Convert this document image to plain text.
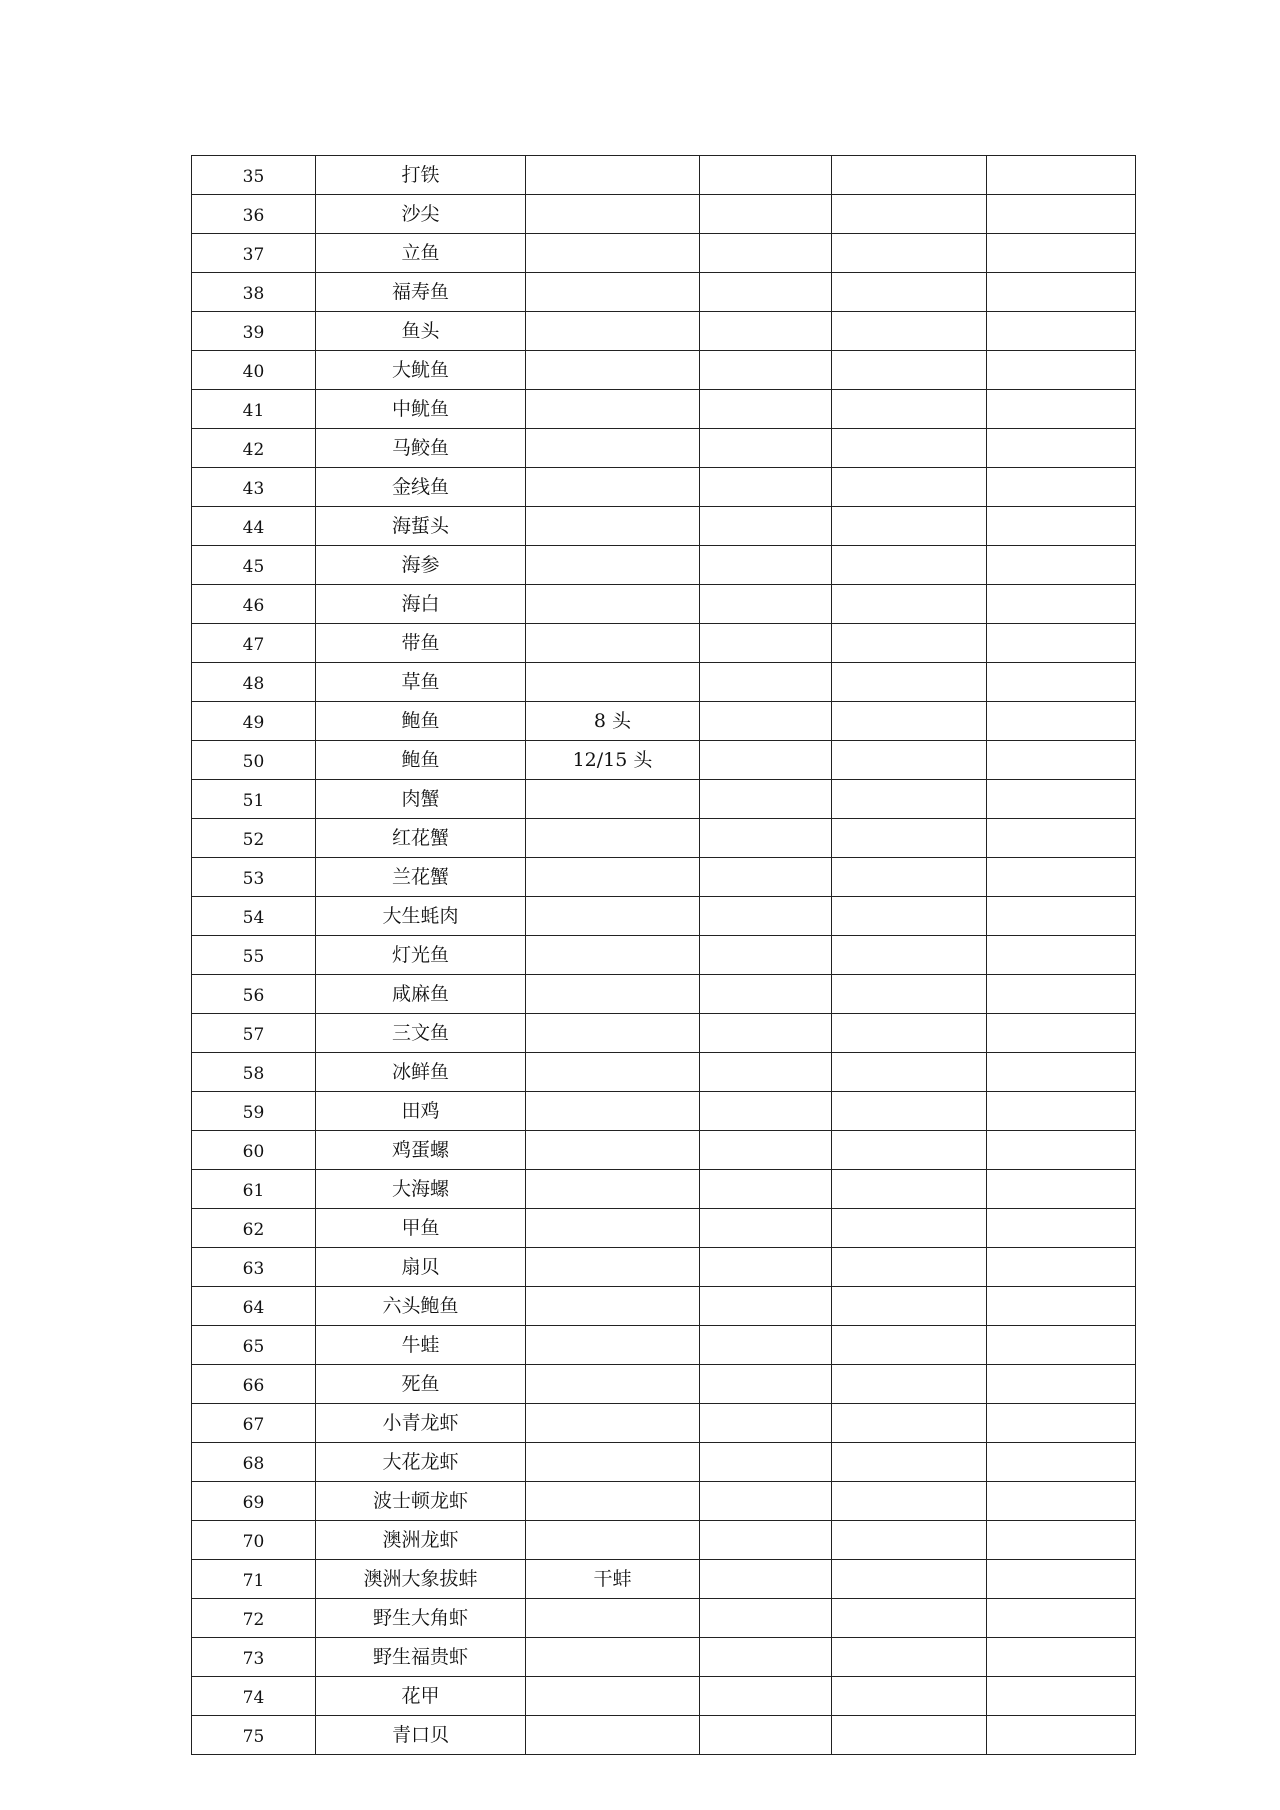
35	打铁				
36	沙尖				
37	立鱼				
38	福寿鱼				
39	鱼头				
40	大鱿鱼				
41	中鱿鱼				
42	马鲛鱼				
43	金线鱼				
44	海蜇头				
45	海参				
46	海白				
47	带鱼				
48	草鱼				
49	鲍鱼	8 头			
50	鲍鱼	12/15 头			
51	肉蟹				
52	红花蟹				
53	兰花蟹				
54	大生蚝肉				
55	灯光鱼				
56	咸麻鱼				
57	三文鱼				
58	冰鲜鱼				
59	田鸡				
60	鸡蛋螺				
61	大海螺				
62	甲鱼				
63	扇贝				
64	六头鲍鱼				
65	牛蛙				
66	死鱼				
67	小青龙虾				
68	大花龙虾				
69	波士顿龙虾				
70	澳洲龙虾				
71	澳洲大象拔蚌	干蚌			
72	野生大角虾				
73	野生福贵虾				
74	花甲				
75	青口贝				
